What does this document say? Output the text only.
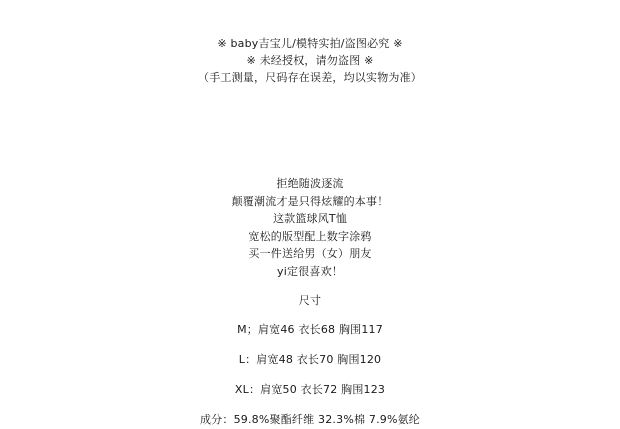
※ baby吉宝儿/模特实拍/盗图必究 ※
※ 未经授权，请勿盗图 ※
（手工测量，尺码存在误差，均以实物为准）
拒绝随波逐流
颠覆潮流才是只得炫耀的本事！
这款篮球风T恤
宽松的版型配上数字涂鸦
买一件送给男（女）朋友
yi定很喜欢！
尺寸
M；肩宽46 衣长68 胸围117
L：肩宽48 衣长70 胸围120
XL：肩宽50 衣长72 胸围123
成分：59.8%聚酯纤维 32.3%棉 7.9%氨纶
